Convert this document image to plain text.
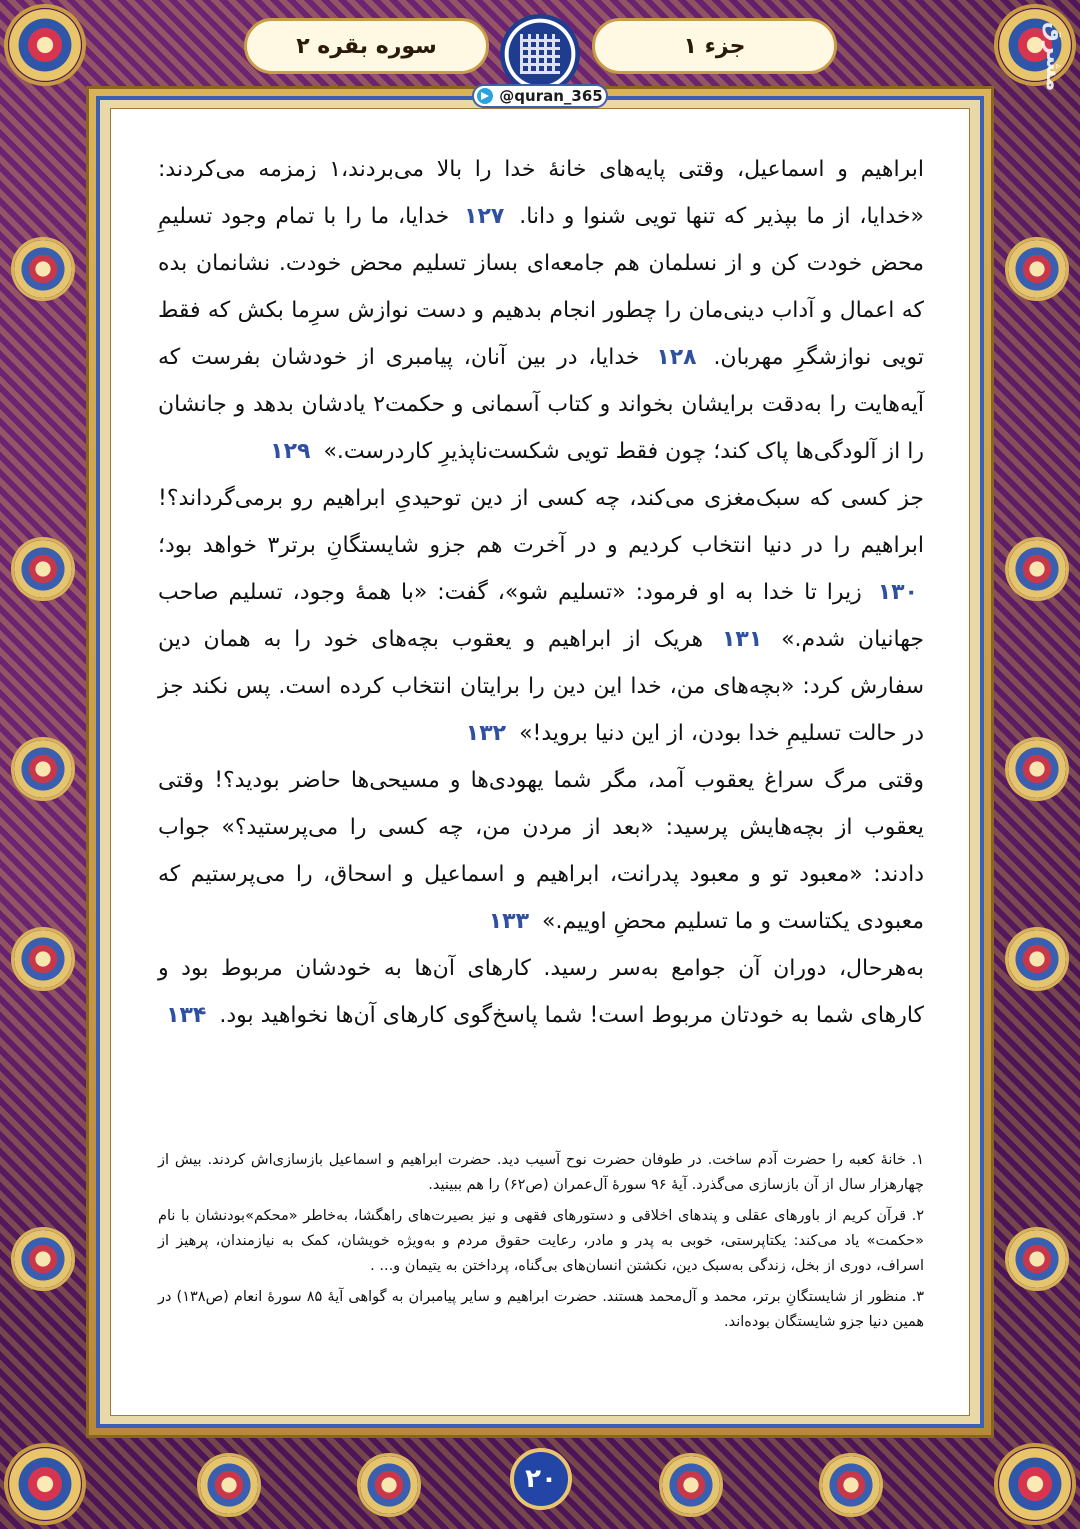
سوره بقره ۲	جزء ۱
@quran_365
مشرق

ابراهیم و اسماعیل، وقتی پایه‌های خانهٔ خدا را بالا می‌بردند،۱ زمزمه می‌کردند: «خدایا، از ما بپذیر که تنها تویی شنوا و دانا. ۱۲۷ خدایا، ما را با تمام وجود تسلیمِ محض خودت کن و از نسلمان هم جامعه‌ای بساز تسلیم محض خودت. نشانمان بده که اعمال و آداب دینی‌مان را چطور انجام بدهیم و دست نوازش سرِما بکش که فقط تویی نوازشگرِ مهربان. ۱۲۸ خدایا، در بین آنان، پیامبری از خودشان بفرست که آیه‌هایت را به‌دقت برایشان بخواند و کتاب آسمانی و حکمت۲ یادشان بدهد و جانشان را از آلودگی‌ها پاک کند؛ چون فقط تویی شکست‌ناپذیرِ کاردرست.» ۱۲۹

جز کسی که سبک‌مغزی می‌کند، چه کسی از دین توحیدیِ ابراهیم رو برمی‌گرداند؟! ابراهیم را در دنیا انتخاب کردیم و در آخرت هم جزو شایستگانِ برتر۳ خواهد بود؛ ۱۳۰ زیرا تا خدا به او فرمود: «تسلیم شو»، گفت: «با همهٔ وجود، تسلیم صاحب جهانیان شدم.» ۱۳۱ هریک از ابراهیم و یعقوب بچه‌های خود را به همان دین سفارش کرد: «بچه‌های من، خدا این دین را برایتان انتخاب کرده است. پس نکند جز در حالت تسلیمِ خدا بودن، از این دنیا بروید!» ۱۳۲

وقتی مرگ سراغ یعقوب آمد، مگر شما یهودی‌ها و مسیحی‌ها حاضر بودید؟! وقتی یعقوب از بچه‌هایش پرسید: «بعد از مردن من، چه کسی را می‌پرستید؟» جواب دادند: «معبود تو و معبود پدرانت، ابراهیم و اسماعیل و اسحاق، را می‌پرستیم که معبودی یکتاست و ما تسلیم محضِ اوییم.» ۱۳۳

به‌هرحال، دوران آن جوامع به‌سر رسید. کارهای آن‌ها به خودشان مربوط بود و کارهای شما به خودتان مربوط است! شما پاسخ‌گوی کارهای آن‌ها نخواهید بود. ۱۳۴

۱. خانهٔ کعبه را حضرت آدم ساخت. در طوفان حضرت نوح آسیب دید. حضرت ابراهیم و اسماعیل بازسازی‌اش کردند. بیش از چهارهزار سال از آن بازسازی می‌گذرد. آیهٔ ۹۶ سورهٔ آل‌عمران (ص۶۲) را هم ببینید.

۲. قرآن کریم از باورهای عقلی و پندهای اخلاقی و دستورهای فقهی و نیز بصیرت‌های راهگشا، به‌خاطر «محکم»بودنشان با نام «حکمت» یاد می‌کند: یکتاپرستی، خوبی به پدر و مادر، رعایت حقوق مردم و به‌ویژه خویشان، کمک به نیازمندان، پرهیز از اسراف، دوری از بخل، زندگی به‌سبک دین، نکشتن انسان‌های بی‌گناه، پرداختن به یتیمان و... .

۳. منظور از شایستگانِ برتر، محمد و آل‌محمد هستند. حضرت ابراهیم و سایر پیامبران به گواهی آیهٔ ۸۵ سورهٔ انعام (ص۱۳۸) در همین دنیا جزو شایستگان بوده‌اند.

۲۰
